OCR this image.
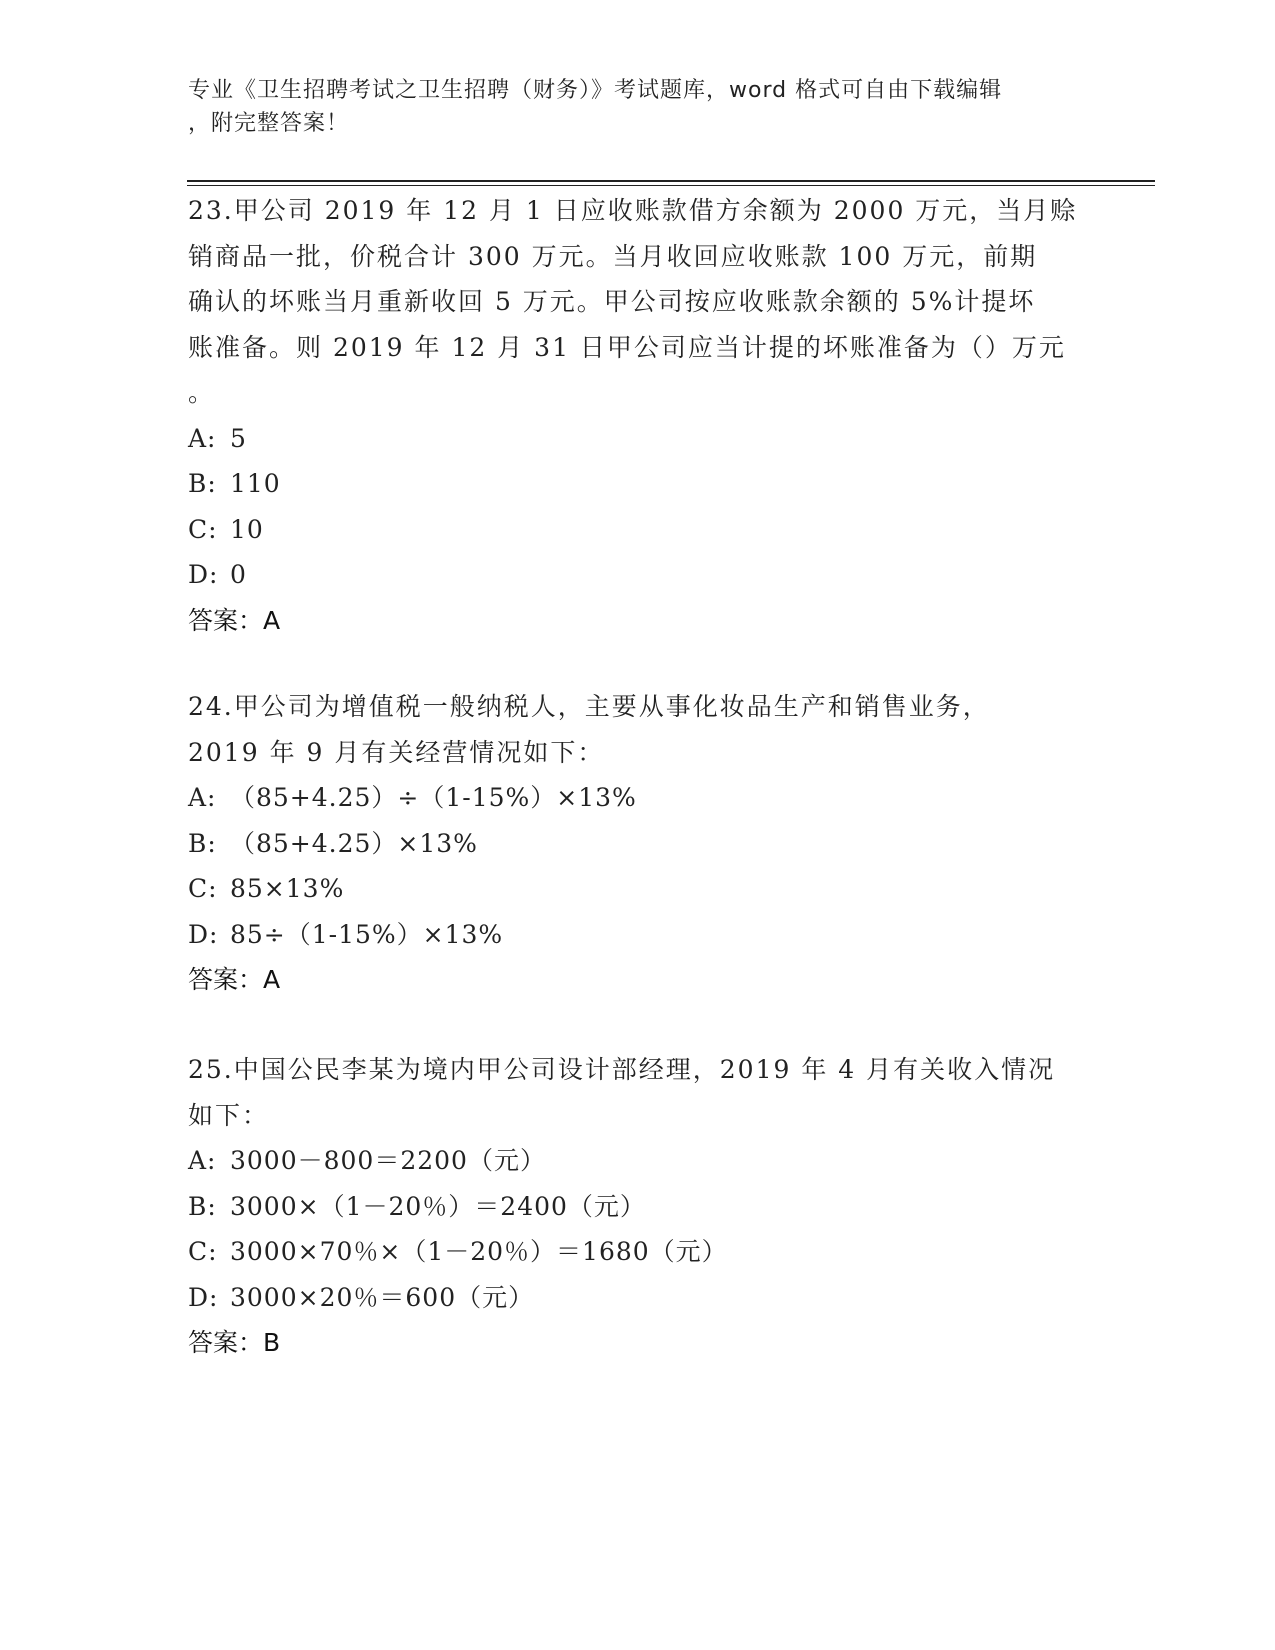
专业《卫生招聘考试之卫生招聘（财务）》考试题库，word 格式可自由下载编辑
，附完整答案！

23.甲公司 2019 年 12 月 1 日应收账款借方余额为 2000 万元，当月赊

销商品一批，价税合计 300 万元。当月收回应收账款 100 万元，前期

确认的坏账当月重新收回 5 万元。甲公司按应收账款余额的 5%计提坏

账准备。则 2019 年 12 月 31 日甲公司应当计提的坏账准备为（）万元

。

A: 5

B: 110

C: 10

D: 0

答案：A

24.甲公司为增值税一般纳税人，主要从事化妆品生产和销售业务，

2019 年 9 月有关经营情况如下：

A: （85+4.25）÷（1-15%）×13%

B: （85+4.25）×13%

C: 85×13%

D: 85÷（1-15%）×13%

答案：A

25.中国公民李某为境内甲公司设计部经理，2019 年 4 月有关收入情况

如下：

A: 3000－800＝2200（元）

B: 3000×（1－20％）＝2400（元）

C: 3000×70％×（1－20％）＝1680（元）

D: 3000×20％＝600（元）

答案：B
